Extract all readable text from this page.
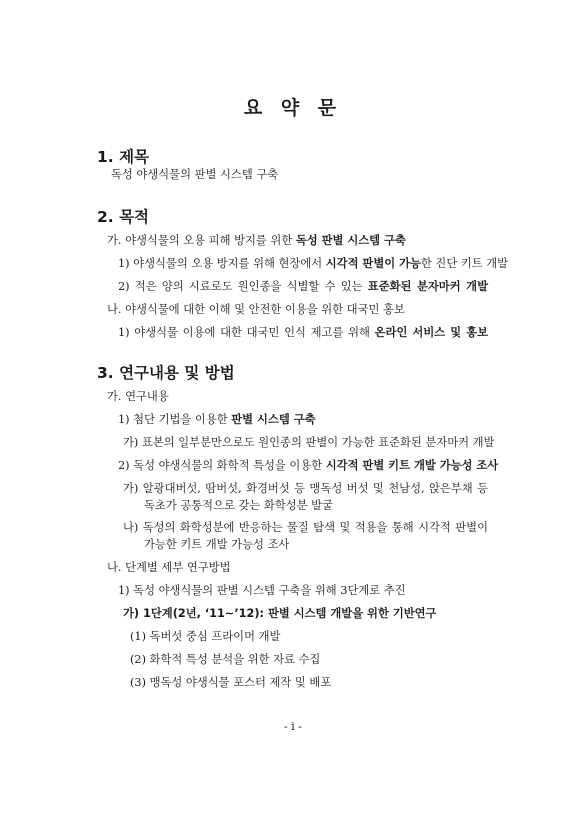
요 약 문
1. 제목
독성 야생식물의 판별 시스템 구축
2. 목적
가. 야생식물의 오용 피해 방지를 위한 독성 판별 시스템 구축
1) 야생식물의 오용 방지를 위해 현장에서 시각적 판별이 가능한 진단 키트 개발
2) 적은 양의 시료로도 원인종을 식별할 수 있는 표준화된 분자마커 개발
나. 야생식물에 대한 이해 및 안전한 이용을 위한 대국민 홍보
1) 야생식물 이용에 대한 대국민 인식 제고를 위해 온라인 서비스 및 홍보
3. 연구내용 및 방법
가. 연구내용
1) 첨단 기법을 이용한 판별 시스템 구축
가) 표본의 일부분만으로도 원인종의 판별이 가능한 표준화된 분자마커 개발
2) 독성 야생식물의 화학적 특성을 이용한 시각적 판별 키트 개발 가능성 조사
가) 알광대버섯, 땀버섯, 화경버섯 등 맹독성 버섯 및 천남성, 앉은부채 등
독초가 공통적으로 갖는 화학성분 발굴
나) 독성의 화학성분에 반응하는 물질 탐색 및 적용을 통해 시각적 판별이
가능한 키트 개발 가능성 조사
나. 단계별 세부 연구방법
1) 독성 야생식물의 판별 시스템 구축을 위해 3단계로 추진
가) 1단계(2년, ‘11∼’12): 판별 시스템 개발을 위한 기반연구
(1) 독버섯 중심 프라이머 개발
(2) 화학적 특성 분석을 위한 자료 수집
(3) 맹독성 야생식물 포스터 제작 및 배포
- i -
